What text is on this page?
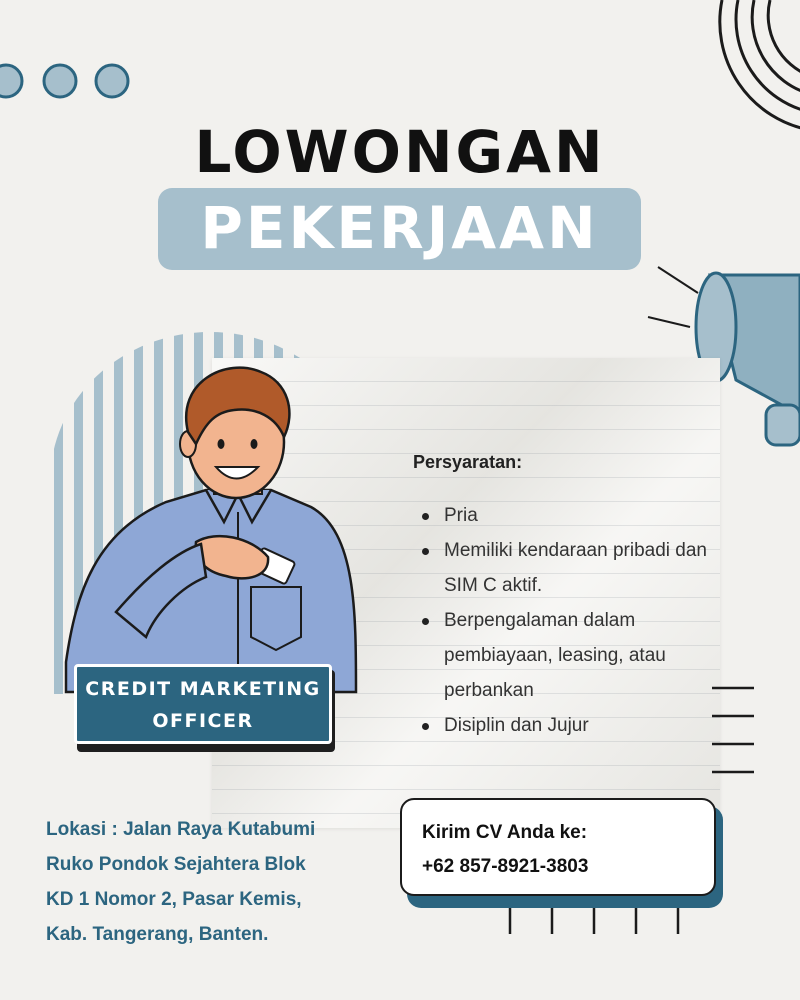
LOWONGAN
PEKERJAAN
Persyaratan:
Pria
Memiliki kendaraan pribadi dan SIM C aktif.
Berpengalaman dalam pembiayaan, leasing, atau perbankan
Disiplin dan Jujur
CREDIT MARKETING
OFFICER
Lokasi : Jalan Raya Kutabumi
Ruko Pondok Sejahtera Blok
KD 1 Nomor 2, Pasar Kemis,
Kab. Tangerang, Banten.
Kirim CV Anda ke:
+62 857-8921-3803
